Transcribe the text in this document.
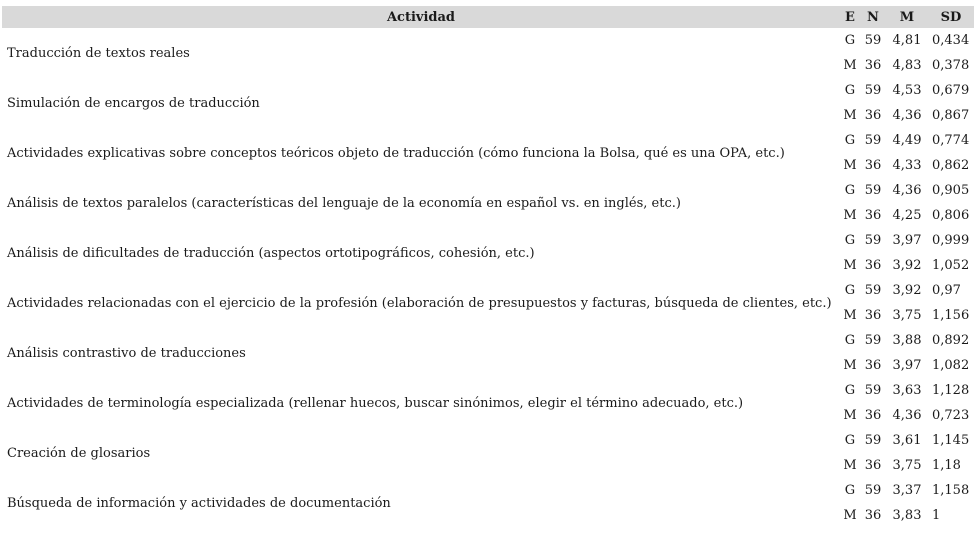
Actividad	E	N	M	SD
Traducción de textos reales	G	59	4,81	0,434
	M	36	4,83	0,378
Simulación de encargos de traducción	G	59	4,53	0,679
	M	36	4,36	0,867
Actividades explicativas sobre conceptos teóricos objeto de traducción (cómo funciona la Bolsa, qué es una OPA, etc.)	G	59	4,49	0,774
	M	36	4,33	0,862
Análisis de textos paralelos (características del lenguaje de la economía en español vs. en inglés, etc.)	G	59	4,36	0,905
	M	36	4,25	0,806
Análisis de dificultades de traducción (aspectos ortotipográficos, cohesión, etc.)	G	59	3,97	0,999
	M	36	3,92	1,052
Actividades relacionadas con el ejercicio de la profesión (elaboración de presupuestos y facturas, búsqueda de clientes, etc.)	G	59	3,92	0,97
	M	36	3,75	1,156
Análisis contrastivo de traducciones	G	59	3,88	0,892
	M	36	3,97	1,082
Actividades de terminología especializada (rellenar huecos, buscar sinónimos, elegir el término adecuado, etc.)	G	59	3,63	1,128
	M	36	4,36	0,723
Creación de glosarios	G	59	3,61	1,145
	M	36	3,75	1,18
Búsqueda de información y actividades de documentación	G	59	3,37	1,158
	M	36	3,83	1
